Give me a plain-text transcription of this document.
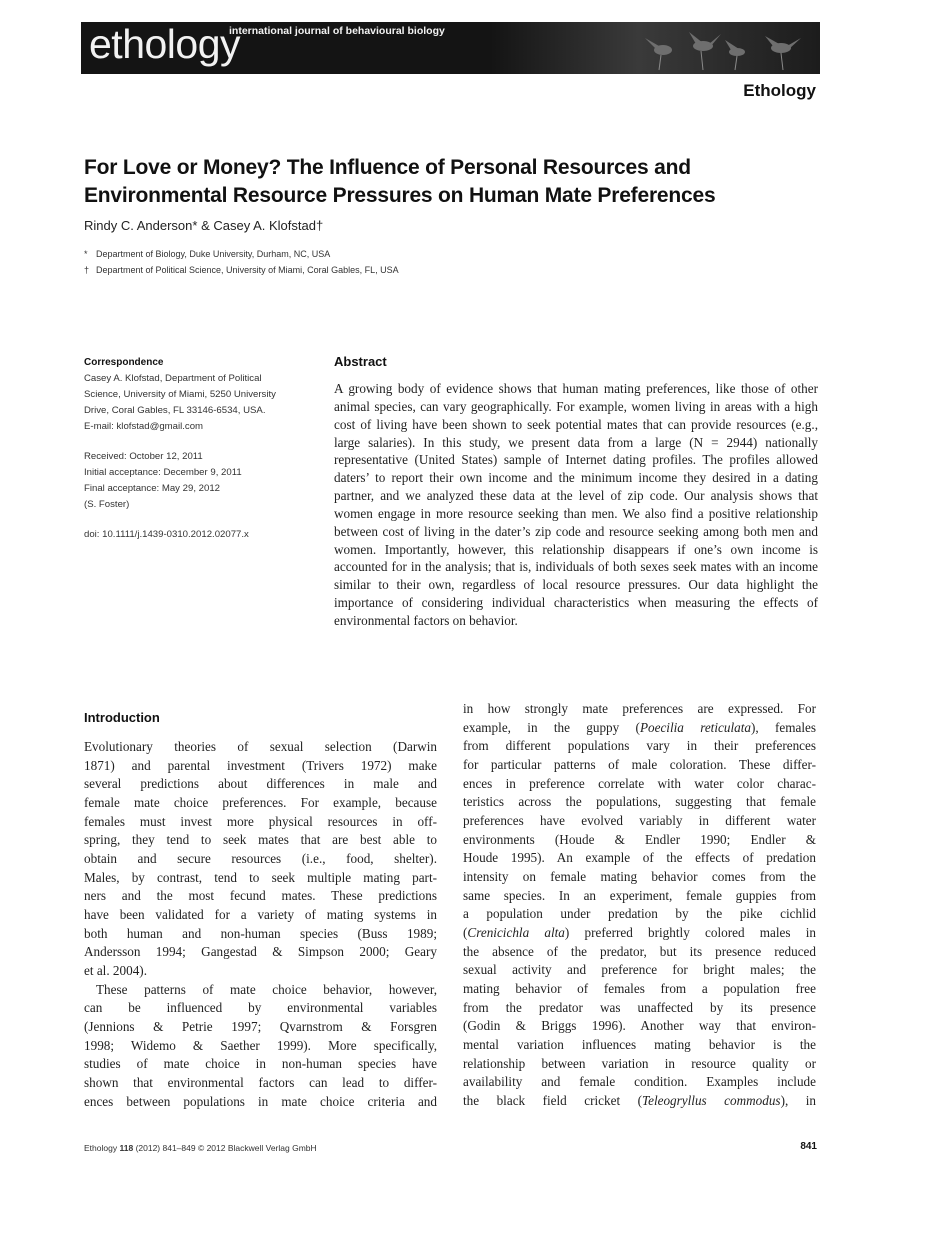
ethology
international journal of behavioural biology
Ethology
For Love or Money? The Influence of Personal Resources and
Environmental Resource Pressures on Human Mate Preferences
Rindy C. Anderson* & Casey A. Klofstad†
* Department of Biology, Duke University, Durham, NC, USA
† Department of Political Science, University of Miami, Coral Gables, FL, USA
Correspondence
Casey A. Klofstad, Department of Political
Science, University of Miami, 5250 University
Drive, Coral Gables, FL 33146-6534, USA.
E-mail: klofstad@gmail.com
Received: October 12, 2011
Initial acceptance: December 9, 2011
Final acceptance: May 29, 2012
(S. Foster)
doi: 10.1111/j.1439-0310.2012.02077.x
Abstract
A growing body of evidence shows that human mating preferences, like those of other animal species, can vary geographically. For example, women living in areas with a high cost of living have been shown to seek potential mates that can provide resources (e.g., large salaries). In this study, we present data from a large (N = 2944) nationally representative (United States) sample of Internet dating profiles. The profiles allowed daters’ to report their own income and the minimum income they desired in a dating partner, and we analyzed these data at the level of zip code. Our analysis shows that women engage in more resource seeking than men. We also find a positive relationship between cost of living in the dater’s zip code and resource seeking among both men and women. Importantly, however, this relationship disappears if one’s own income is accounted for in the analysis; that is, individuals of both sexes seek mates with an income similar to their own, regardless of local resource pressures. Our data highlight the importance of considering individual characteristics when measuring the effects of environmental factors on behavior.
Introduction
Evolutionary theories of sexual selection (Darwin
1871) and parental investment (Trivers 1972) make
several predictions about differences in male and
female mate choice preferences. For example, because
females must invest more physical resources in off-
spring, they tend to seek mates that are best able to
obtain and secure resources (i.e., food, shelter).
Males, by contrast, tend to seek multiple mating part-
ners and the most fecund mates. These predictions
have been validated for a variety of mating systems in
both human and non-human species (Buss 1989;
Andersson 1994; Gangestad & Simpson 2000; Geary
et al. 2004).
These patterns of mate choice behavior, however,
can be influenced by environmental variables
(Jennions & Petrie 1997; Qvarnstrom & Forsgren
1998; Widemo & Saether 1999). More specifically,
studies of mate choice in non-human species have
shown that environmental factors can lead to differ-
ences between populations in mate choice criteria and
in how strongly mate preferences are expressed. For
example, in the guppy (Poecilia reticulata), females
from different populations vary in their preferences
for particular patterns of male coloration. These differ-
ences in preference correlate with water color charac-
teristics across the populations, suggesting that female
preferences have evolved variably in different water
environments (Houde & Endler 1990; Endler &
Houde 1995). An example of the effects of predation
intensity on female mating behavior comes from the
same species. In an experiment, female guppies from
a population under predation by the pike cichlid
(Crenicichla alta) preferred brightly colored males in
the absence of the predator, but its presence reduced
sexual activity and preference for bright males; the
mating behavior of females from a population free
from the predator was unaffected by its presence
(Godin & Briggs 1996). Another way that environ-
mental variation influences mating behavior is the
relationship between variation in resource quality or
availability and female condition. Examples include
the black field cricket (Teleogryllus commodus), in
Ethology 118 (2012) 841–849 © 2012 Blackwell Verlag GmbH	841
